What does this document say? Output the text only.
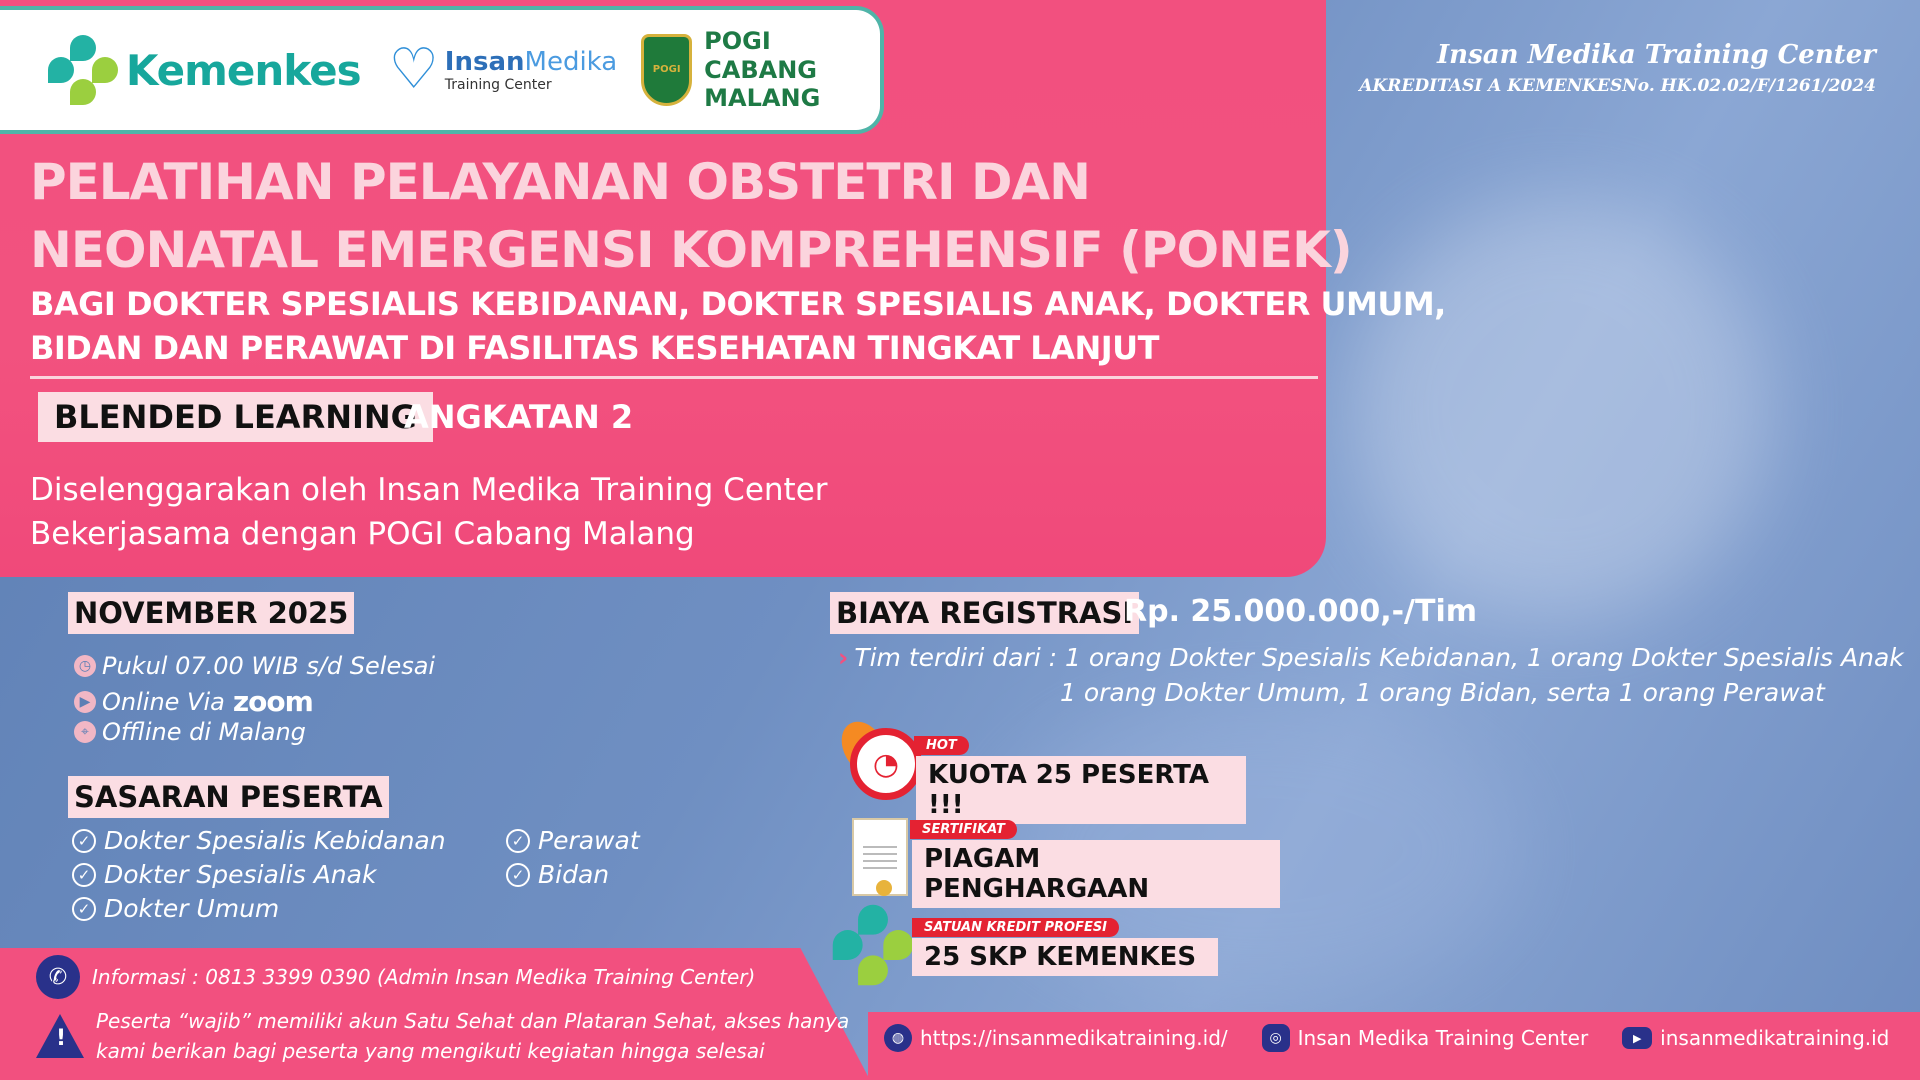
Kemenkes ♡ InsanMedika
Training Center
POGI
POGI CABANG
MALANG
Insan Medika Training Center
AKREDITASI A KEMENKESNo. HK.02.02/F/1261/2024
PELATIHAN PELAYANAN OBSTETRI DAN
NEONATAL EMERGENSI KOMPREHENSIF (PONEK)
BAGI DOKTER SPESIALIS KEBIDANAN, DOKTER SPESIALIS ANAK, DOKTER UMUM,
BIDAN DAN PERAWAT DI FASILITAS KESEHATAN TINGKAT LANJUT
BLENDED LEARNING
ANGKATAN 2
Diselenggarakan oleh Insan Medika Training Center
Bekerjasama dengan POGI Cabang Malang
NOVEMBER 2025
◷ Pukul 07.00 WIB s/d Selesai
▶ Online Via zoom
⌖ Offline di Malang
SASARAN PESERTA
✓ Dokter Spesialis Kebidanan
✓ Dokter Spesialis Anak
✓ Dokter Umum
✓ Perawat
✓ Bidan
BIAYA REGISTRASI
Rp. 25.000.000,-/Tim
› Tim terdiri dari : 1 orang Dokter Spesialis Kebidanan, 1 orang Dokter Spesialis Anak
1 orang Dokter Umum, 1 orang Bidan, serta 1 orang Perawat
◔
HOT
KUOTA 25 PESERTA !!!
SERTIFIKAT
PIAGAM PENGHARGAAN
SATUAN KREDIT PROFESI
25 SKP KEMENKES
✆	Informasi : 0813 3399 0390 (Admin Insan Medika Training Center)
!
Peserta “wajib” memiliki akun Satu Sehat dan Plataran Sehat, akses hanya
kami berikan bagi peserta yang mengikuti kegiatan hingga selesai
◍ https://insanmedikatraining.id/	◎ Insan Medika Training Center	▶ insanmedikatraining.id
